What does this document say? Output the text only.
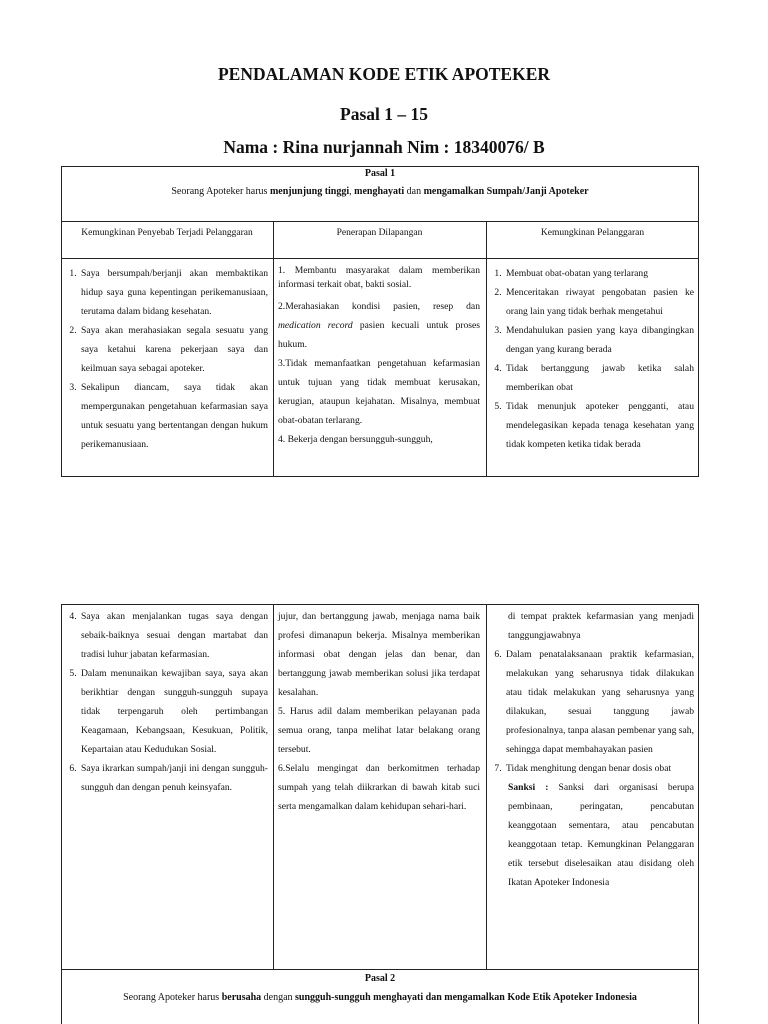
PENDALAMAN KODE ETIK APOTEKER
Pasal 1 – 15
Nama : Rina nurjannah Nim : 18340076/ B
Pasal 1
Seorang Apoteker harus menjunjung tinggi, menghayati dan mengamalkan Sumpah/Janji Apoteker
Kemungkinan Penyebab Terjadi Pelanggaran	Penerapan Dilapangan	Kemungkinan Pelanggaran
1. Saya bersumpah/berjanji akan membaktikan hidup saya guna kepentingan perikemanusiaan, terutama dalam bidang kesehatan.
2. Saya akan merahasiakan segala sesuatu yang saya ketahui karena pekerjaan saya dan keilmuan saya sebagai apoteker.
3. Sekalipun diancam, saya tidak akan mempergunakan pengetahuan kefarmasian saya untuk sesuatu yang bertentangan dengan hukum perikemanusiaan.

1. Membantu masyarakat dalam memberikan informasi terkait obat, bakti sosial.

2.Merahasiakan kondisi pasien, resep dan medication record pasien kecuali untuk proses hukum.

3.Tidak memanfaatkan pengetahuan kefarmasian untuk tujuan yang tidak membuat kerusakan, kerugian, ataupun kejahatan. Misalnya, membuat obat-obatan terlarang.

4. Bekerja dengan bersungguh-sungguh,

1. Membuat obat-obatan yang terlarang
2. Menceritakan riwayat pengobatan pasien ke orang lain yang tidak berhak mengetahui
3. Mendahulukan pasien yang kaya dibangingkan dengan yang kurang berada
4. Tidak bertanggung jawab ketika salah memberikan obat
5. Tidak menunjuk apoteker pengganti, atau mendelegasikan kepada tenaga kesehatan yang tidak kompeten ketika tidak berada
4. Saya akan menjalankan tugas saya dengan sebaik-baiknya sesuai dengan martabat dan tradisi luhur jabatan kefarmasian.
5. Dalam menunaikan kewajiban saya, saya akan berikhtiar dengan sungguh-sungguh supaya tidak terpengaruh oleh pertimbangan Keagamaan, Kebangsaan, Kesukuan, Politik, Kepartaian atau Kedudukan Sosial.
6. Saya ikrarkan sumpah/janji ini dengan sungguh-sungguh dan dengan penuh keinsyafan.

jujur, dan bertanggung jawab, menjaga nama baik profesi dimanapun bekerja. Misalnya memberikan informasi obat dengan jelas dan benar, dan bertanggung jawab memberikan solusi jika terdapat kesalahan.

5. Harus adil dalam memberikan pelayanan pada semua orang, tanpa melihat latar belakang orang tersebut.

6.Selalu mengingat dan berkomitmen terhadap sumpah yang telah diikrarkan di bawah kitab suci serta mengamalkan dalam kehidupan sehari-hari.

di tempat praktek kefarmasian yang menjadi tanggungjawabnya

6. Dalam penatalaksanaan praktik kefarmasian, melakukan yang seharusnya tidak dilakukan atau tidak melakukan yang seharusnya yang dilakukan, sesuai tanggung jawab profesionalnya, tanpa alasan pembenar yang sah, sehingga dapat membahayakan pasien
7. Tidak menghitung dengan benar dosis obat

Sanksi : Sanksi dari organisasi berupa pembinaan, peringatan, pencabutan keanggotaan sementara, atau pencabutan keanggotaan tetap. Kemungkinan Pelanggaran etik tersebut diselesaikan atau disidang oleh Ikatan Apoteker Indonesia

Pasal 2
Seorang Apoteker harus berusaha dengan sungguh-sungguh menghayati dan mengamalkan Kode Etik Apoteker Indonesia
